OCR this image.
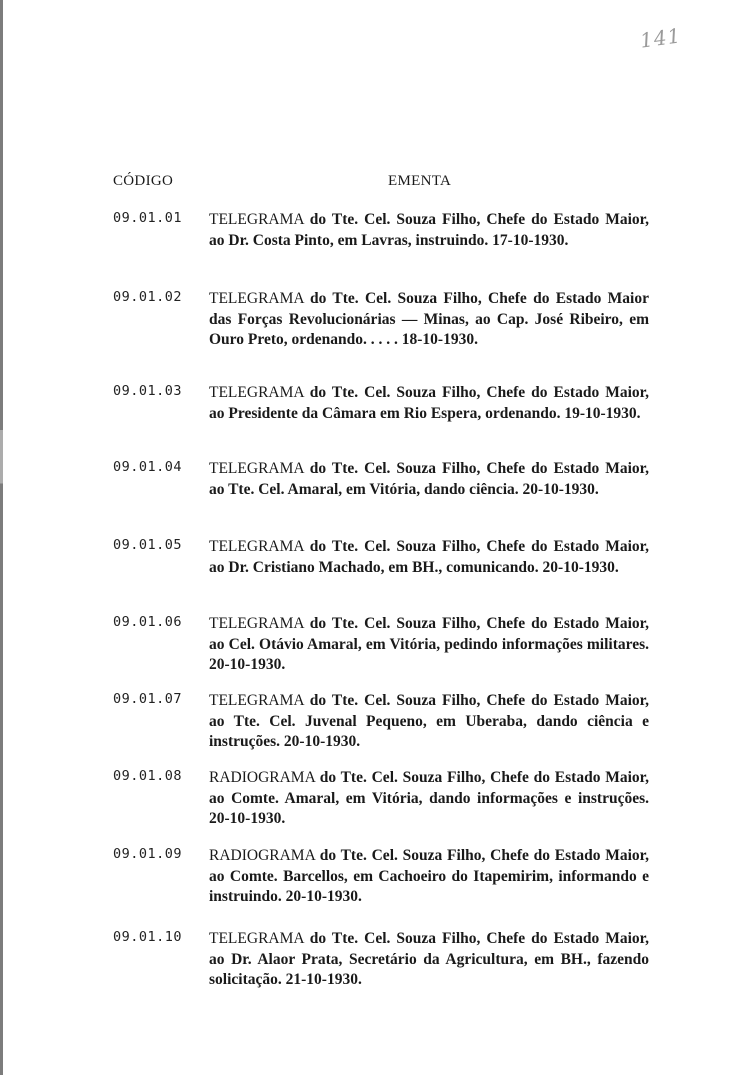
141
CÓDIGO	EMENTA
09.01.01 TELEGRAMA do Tte. Cel. Souza Filho, Chefe do Estado Maior, ao Dr. Costa Pinto, em Lavras, instruindo. 17-10-1930.
09.01.02 TELEGRAMA do Tte. Cel. Souza Filho, Chefe do Estado Maior das Forças Revolucionárias — Minas, ao Cap. José Ribeiro, em Ouro Preto, ordenando. . . . . 18-10-1930.
09.01.03 TELEGRAMA do Tte. Cel. Souza Filho, Chefe do Estado Maior, ao Presidente da Câmara em Rio Espera, ordenando. 19-10-1930.
09.01.04 TELEGRAMA do Tte. Cel. Souza Filho, Chefe do Estado Maior, ao Tte. Cel. Amaral, em Vitória, dando ciência. 20-10-1930.
09.01.05 TELEGRAMA do Tte. Cel. Souza Filho, Chefe do Estado Maior, ao Dr. Cristiano Machado, em BH., comunicando. 20-10-1930.
09.01.06 TELEGRAMA do Tte. Cel. Souza Filho, Chefe do Estado Maior, ao Cel. Otávio Amaral, em Vitória, pedindo informações militares. 20-10-1930.
09.01.07 TELEGRAMA do Tte. Cel. Souza Filho, Chefe do Estado Maior, ao Tte. Cel. Juvenal Pequeno, em Uberaba, dando ciência e instruções. 20-10-1930.
09.01.08 RADIOGRAMA do Tte. Cel. Souza Filho, Chefe do Estado Maior, ao Comte. Amaral, em Vitória, dando informações e instruções. 20-10-1930.
09.01.09 RADIOGRAMA do Tte. Cel. Souza Filho, Chefe do Estado Maior, ao Comte. Barcellos, em Cachoeiro do Itapemirim, informando e instruindo. 20-10-1930.
09.01.10 TELEGRAMA do Tte. Cel. Souza Filho, Chefe do Estado Maior, ao Dr. Alaor Prata, Secretário da Agricultura, em BH., fazendo solicitação. 21-10-1930.
